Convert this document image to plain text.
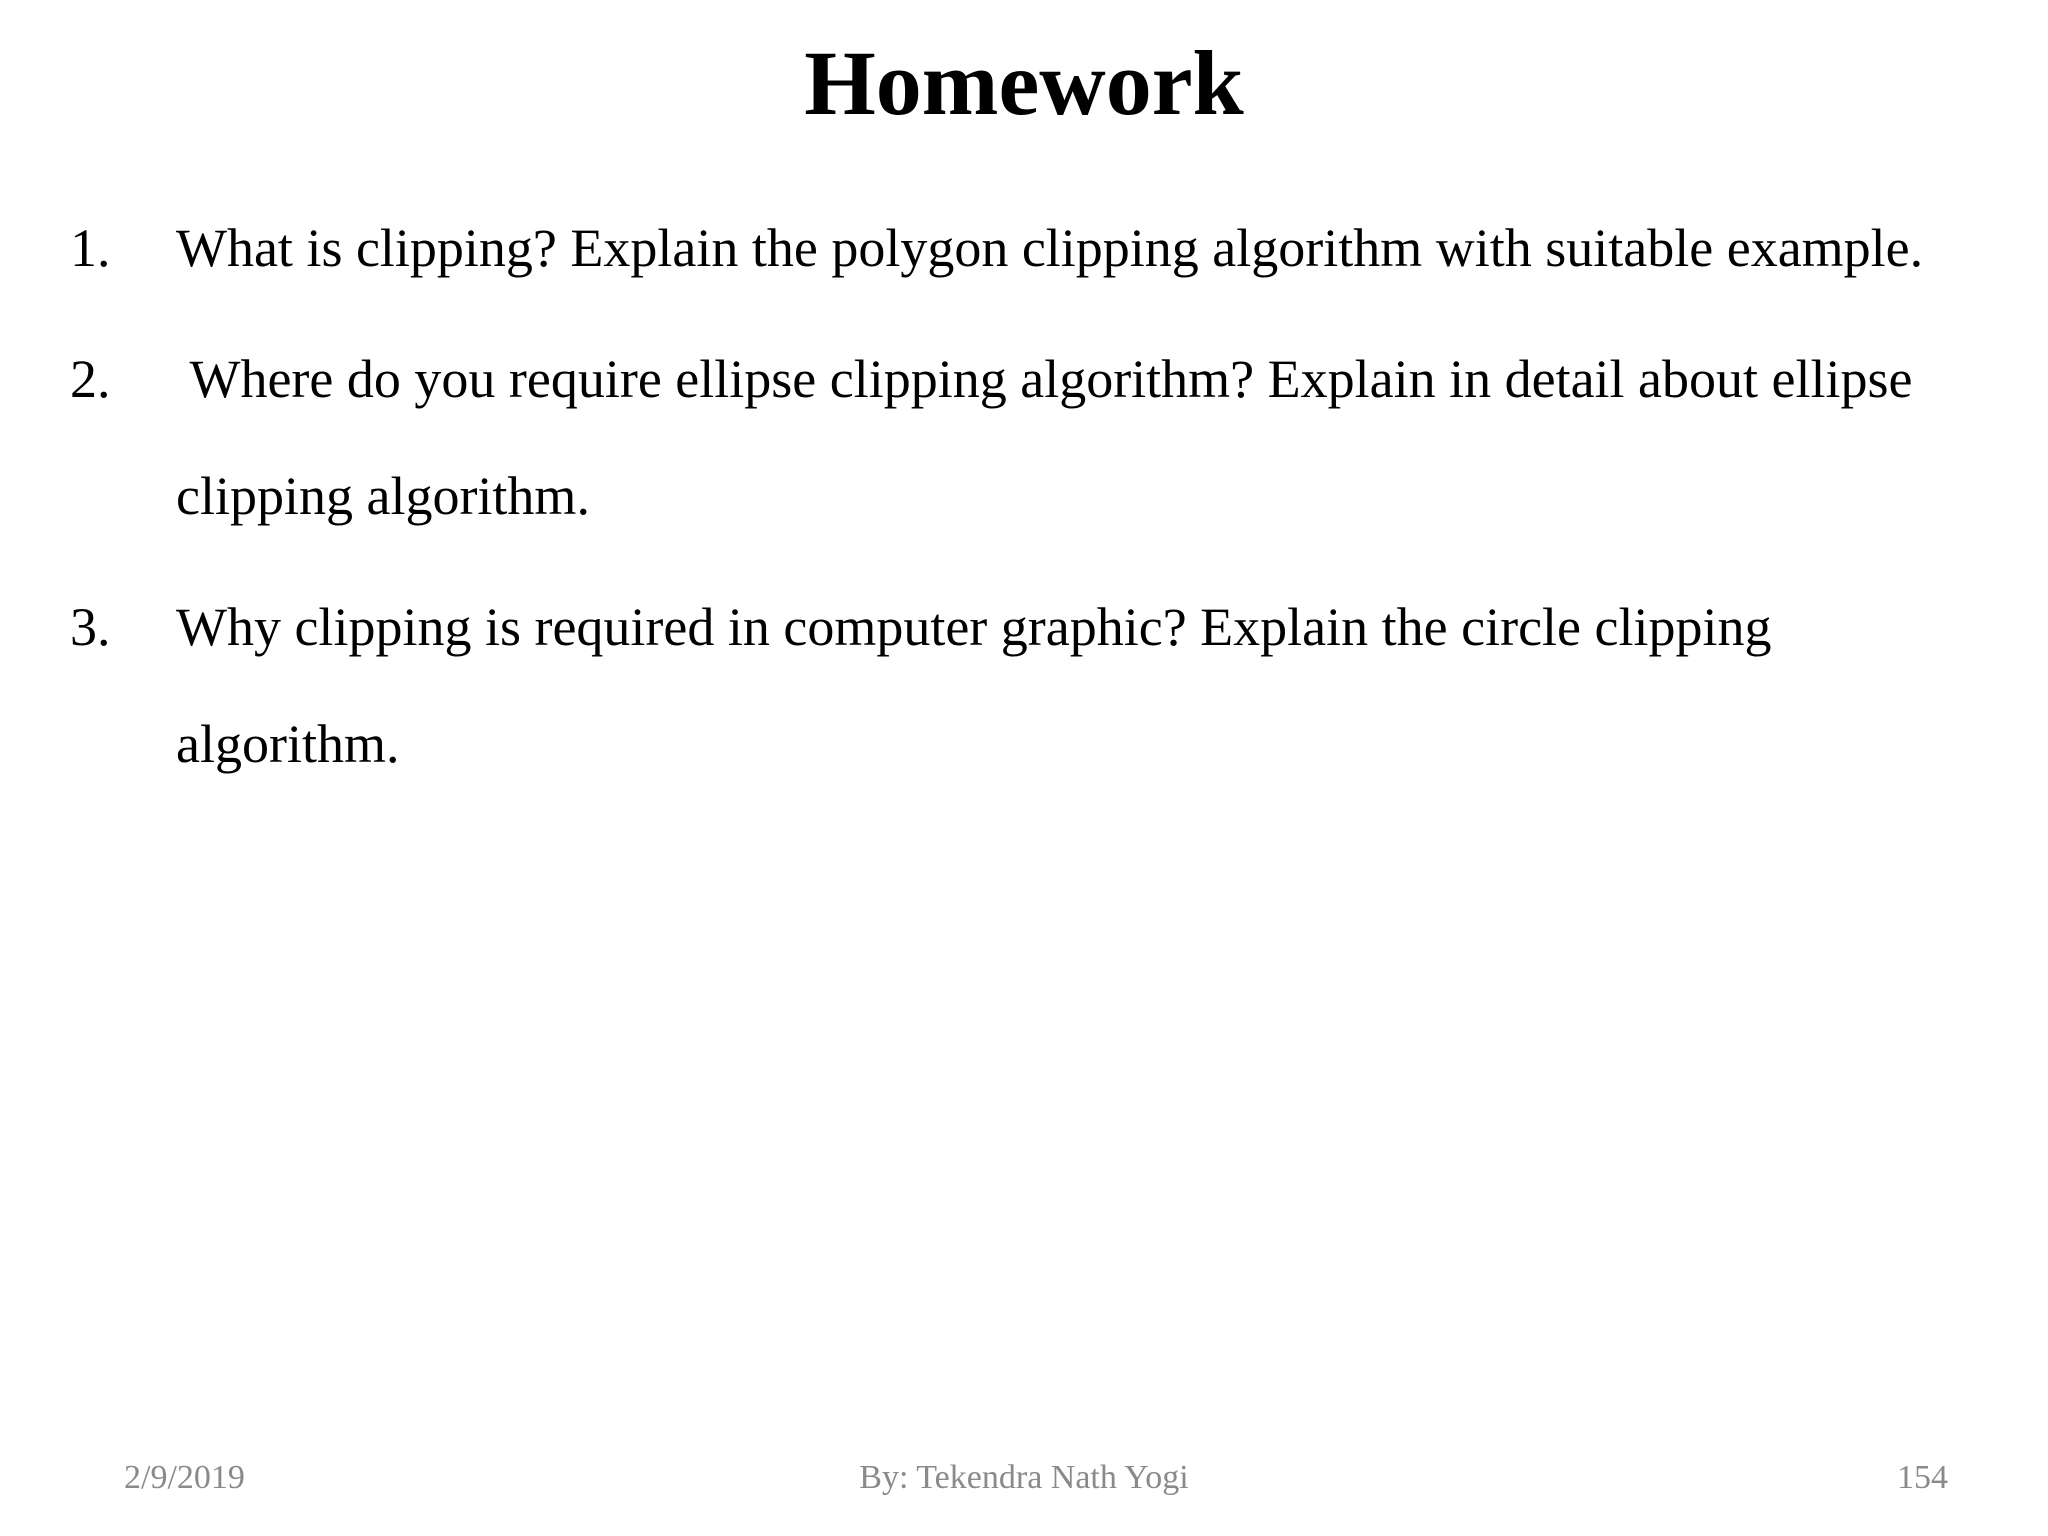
Homework
1. What is clipping? Explain the polygon clipping algorithm with suitable example.
2. Where do you require ellipse clipping algorithm? Explain in detail about ellipse clipping algorithm.
3. Why clipping is required in computer graphic? Explain the circle clipping algorithm.
2/9/2019	By: Tekendra Nath Yogi	154
